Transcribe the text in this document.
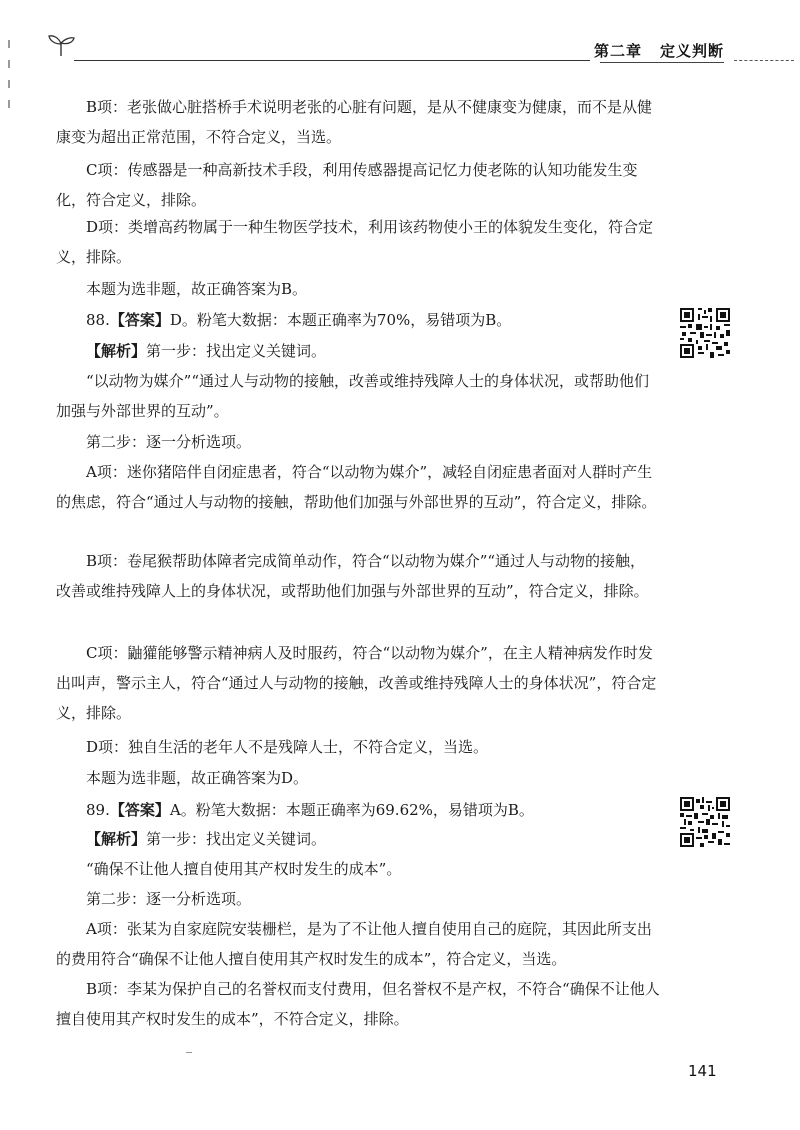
第二章 定义判断
B项：老张做心脏搭桥手术说明老张的心脏有问题，是从不健康变为健康，而不是从健康变为超出正常范围，不符合定义，当选。
C项：传感器是一种高新技术手段，利用传感器提高记忆力使老陈的认知功能发生变化，符合定义，排除。
D项：类增高药物属于一种生物医学技术，利用该药物使小王的体貌发生变化，符合定义，排除。
本题为选非题，故正确答案为B。
88.【答案】D。粉笔大数据：本题正确率为70%，易错项为B。
【解析】第一步：找出定义关键词。
“以动物为媒介”“通过人与动物的接触，改善或维持残障人士的身体状况，或帮助他们加强与外部世界的互动”。
第二步：逐一分析选项。
A项：迷你猪陪伴自闭症患者，符合“以动物为媒介”，减轻自闭症患者面对人群时产生的焦虑，符合“通过人与动物的接触，帮助他们加强与外部世界的互动”，符合定义，排除。
B项：卷尾猴帮助体障者完成简单动作，符合“以动物为媒介”“通过人与动物的接触，改善或维持残障人上的身体状况，或帮助他们加强与外部世界的互动”，符合定义，排除。
C项：鼬獾能够警示精神病人及时服药，符合“以动物为媒介”，在主人精神病发作时发出叫声，警示主人，符合“通过人与动物的接触，改善或维持残障人士的身体状况”，符合定义，排除。
D项：独自生活的老年人不是残障人士，不符合定义，当选。
本题为选非题，故正确答案为D。
89.【答案】A。粉笔大数据：本题正确率为69.62%，易错项为B。
【解析】第一步：找出定义关键词。
“确保不让他人擅自使用其产权时发生的成本”。
第二步：逐一分析选项。
A项：张某为自家庭院安装栅栏，是为了不让他人擅自使用自己的庭院，其因此所支出的费用符合“确保不让他人擅自使用其产权时发生的成本”，符合定义，当选。
B项：李某为保护自己的名誉权而支付费用，但名誉权不是产权，不符合“确保不让他人擅自使用其产权时发生的成本”，不符合定义，排除。
141
